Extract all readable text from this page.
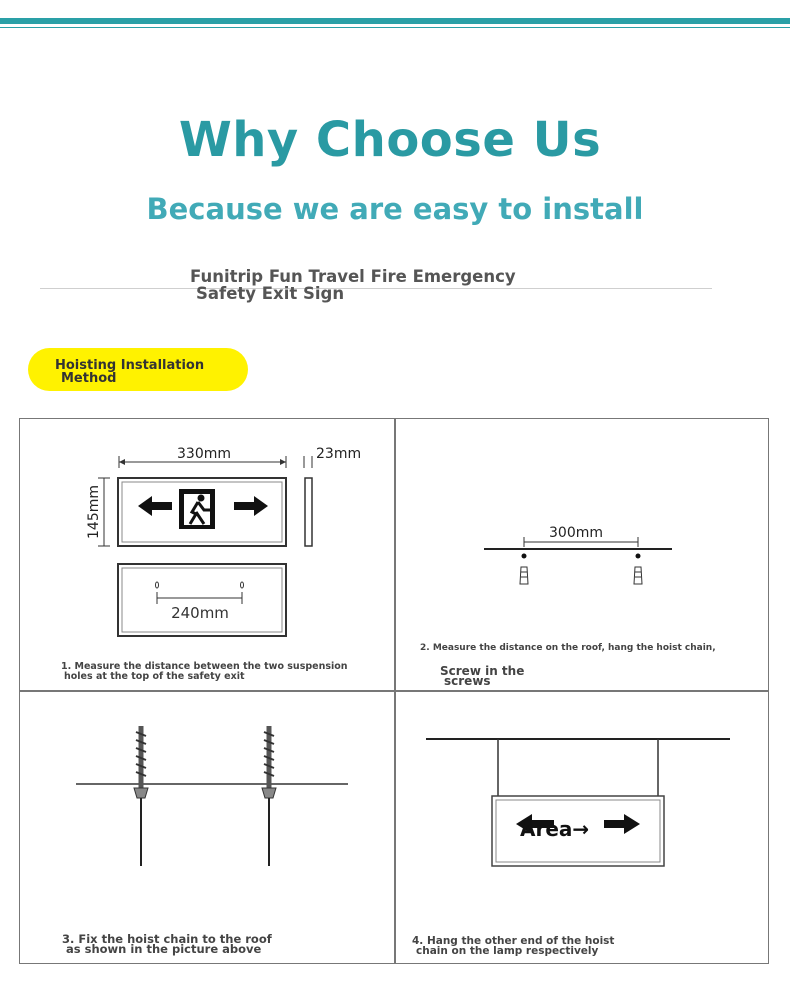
Why Choose Us
Because we are easy to install
Funitrip Fun Travel Fire Emergency
Safety Exit Sign
Hoisting Installation
Method
330mm	23mm
145mm
240mm
1. Measure the distance between the two suspension
holes at the top of the safety exit
300mm
2. Measure the distance on the roof, hang the hoist chain,
Screw in the
screws
3. Fix the hoist chain to the roof
as shown in the picture above
Area→
4. Hang the other end of the hoist
chain on the lamp respectively
